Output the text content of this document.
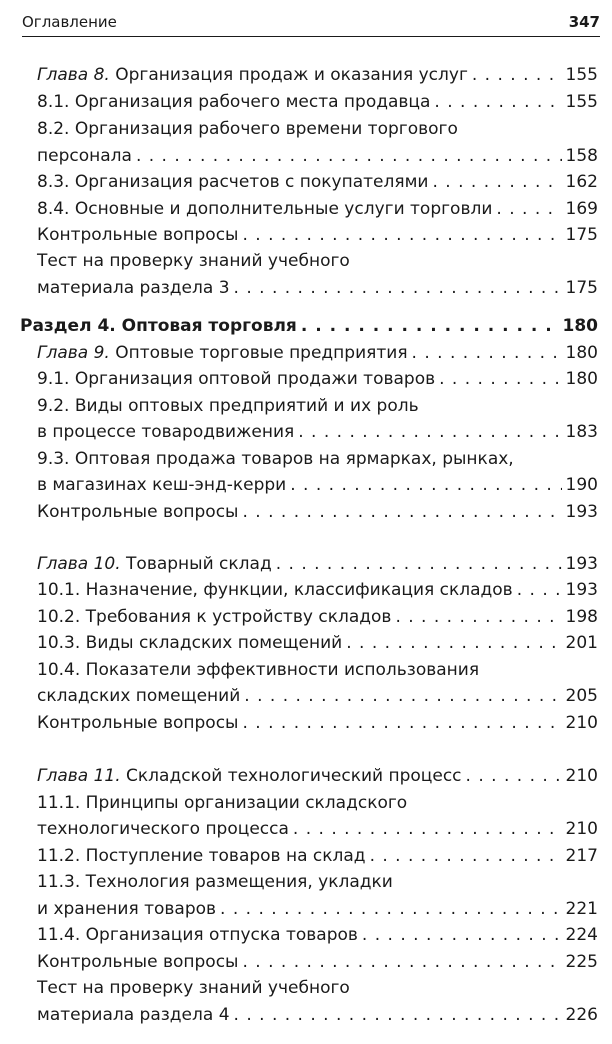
Оглавление	347
Глава 8. Организация продаж и оказания услуг . . .	155
8.1. Организация рабочего места продавца . . .	155
8.2. Организация рабочего времени торгового
персонала . . .	158
8.3. Организация расчетов с покупателями . . .	162
8.4. Основные и дополнительные услуги торговли . . .	169
Контрольные вопросы . . .	175
Тест на проверку знаний учебного
материала раздела 3 . . .	175
Раздел 4. Оптовая торговля . . .	180
Глава 9. Оптовые торговые предприятия . . .	180
9.1. Организация оптовой продажи товаров . . .	180
9.2. Виды оптовых предприятий и их роль
в процессе товародвижения . . .	183
9.3. Оптовая продажа товаров на ярмарках, рынках,
в магазинах кеш-энд-керри . . .	190
Контрольные вопросы . . .	193
Глава 10. Товарный склад . . .	193
10.1. Назначение, функции, классификация складов . . .	193
10.2. Требования к устройству складов . . .	198
10.3. Виды складских помещений . . .	201
10.4. Показатели эффективности использования
складских помещений . . .	205
Контрольные вопросы . . .	210
Глава 11. Складской технологический процесс . . .	210
11.1. Принципы организации складского
технологического процесса . . .	210
11.2. Поступление товаров на склад . . .	217
11.3. Технология размещения, укладки
и хранения товаров . . .	221
11.4. Организация отпуска товаров . . .	224
Контрольные вопросы . . .	225
Тест на проверку знаний учебного
материала раздела 4 . . .	226
